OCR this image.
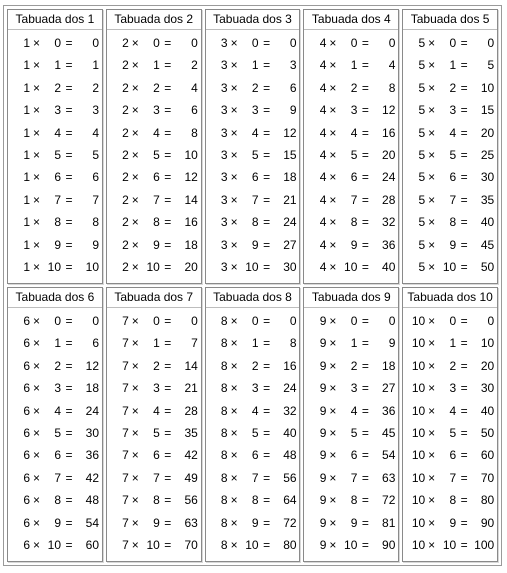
Tabuada dos 1
1 ×	0 =	0
1 ×	1 =	1
1 ×	2 =	2
1 ×	3 =	3
1 ×	4 =	4
1 ×	5 =	5
1 ×	6 =	6
1 ×	7 =	7
1 ×	8 =	8
1 ×	9 =	9
1 × 10 =	10
Tabuada dos 2
2 ×	0 =	0
2 ×	1 =	2
2 ×	2 =	4
2 ×	3 =	6
2 ×	4 =	8
2 ×	5 =	10
2 ×	6 =	12
2 ×	7 =	14
2 ×	8 =	16
2 ×	9 =	18
2 × 10 =	20
Tabuada dos 3
3 ×	0 =	0
3 ×	1 =	3
3 ×	2 =	6
3 ×	3 =	9
3 ×	4 =	12
3 ×	5 =	15
3 ×	6 =	18
3 ×	7 =	21
3 ×	8 =	24
3 ×	9 =	27
3 × 10 =	30
Tabuada dos 4
4 ×	0 =	0
4 ×	1 =	4
4 ×	2 =	8
4 ×	3 =	12
4 ×	4 =	16
4 ×	5 =	20
4 ×	6 =	24
4 ×	7 =	28
4 ×	8 =	32
4 ×	9 =	36
4 × 10 =	40
Tabuada dos 5
5 ×	0 =	0
5 ×	1 =	5
5 ×	2 =	10
5 ×	3 =	15
5 ×	4 =	20
5 ×	5 =	25
5 ×	6 =	30
5 ×	7 =	35
5 ×	8 =	40
5 ×	9 =	45
5 × 10 =	50
Tabuada dos 6
6 ×	0 =	0
6 ×	1 =	6
6 ×	2 =	12
6 ×	3 =	18
6 ×	4 =	24
6 ×	5 =	30
6 ×	6 =	36
6 ×	7 =	42
6 ×	8 =	48
6 ×	9 =	54
6 × 10 =	60
Tabuada dos 7
7 ×	0 =	0
7 ×	1 =	7
7 ×	2 =	14
7 ×	3 =	21
7 ×	4 =	28
7 ×	5 =	35
7 ×	6 =	42
7 ×	7 =	49
7 ×	8 =	56
7 ×	9 =	63
7 × 10 =	70
Tabuada dos 8
8 ×	0 =	0
8 ×	1 =	8
8 ×	2 =	16
8 ×	3 =	24
8 ×	4 =	32
8 ×	5 =	40
8 ×	6 =	48
8 ×	7 =	56
8 ×	8 =	64
8 ×	9 =	72
8 × 10 =	80
Tabuada dos 9
9 ×	0 =	0
9 ×	1 =	9
9 ×	2 =	18
9 ×	3 =	27
9 ×	4 =	36
9 ×	5 =	45
9 ×	6 =	54
9 ×	7 =	63
9 ×	8 =	72
9 ×	9 =	81
9 × 10 =	90
Tabuada dos 10
10 ×	0 =	0
10 ×	1 =	10
10 ×	2 =	20
10 ×	3 =	30
10 ×	4 =	40
10 ×	5 =	50
10 ×	6 =	60
10 ×	7 =	70
10 ×	8 =	80
10 ×	9 =	90
10 × 10 = 100
